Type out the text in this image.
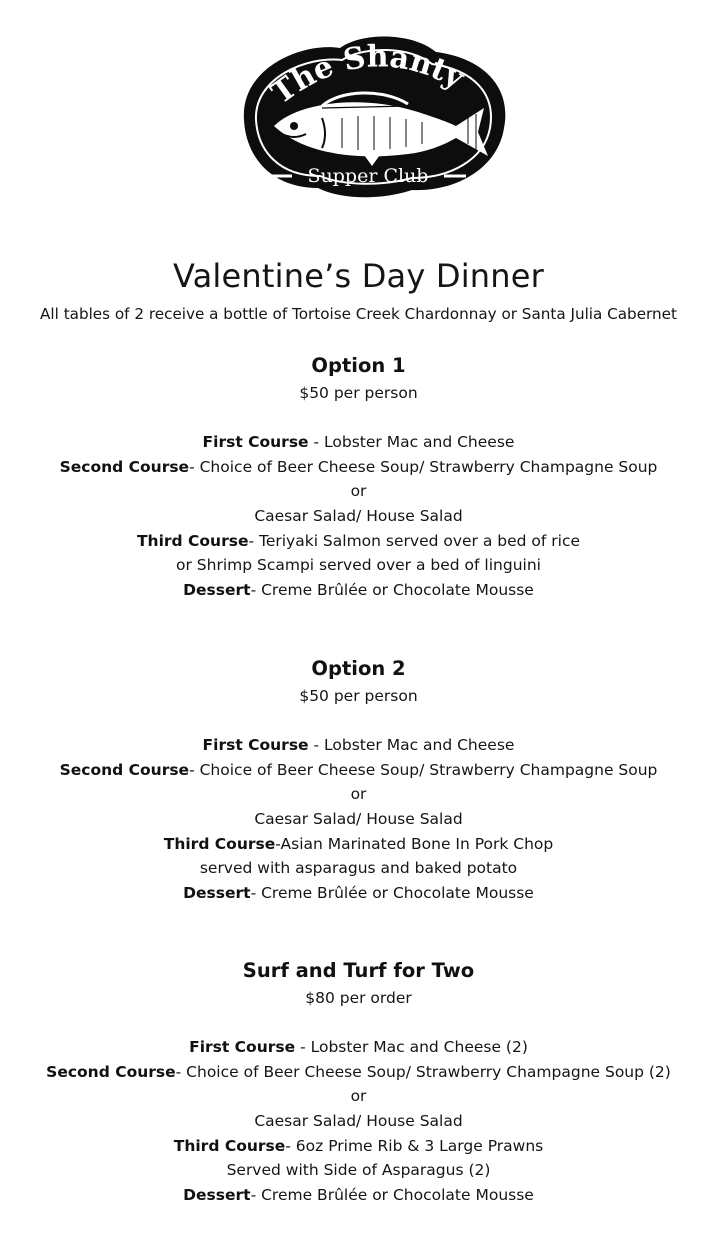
The Shanty
Supper Club
Valentine’s Day Dinner
All tables of 2 receive a bottle of Tortoise Creek Chardonnay or Santa Julia Cabernet
Option 1
$50 per person
First Course - Lobster Mac and Cheese
Second Course- Choice of Beer Cheese Soup/ Strawberry Champagne Soup
or
Caesar Salad/ House Salad
Third Course- Teriyaki Salmon served over a bed of rice
or Shrimp Scampi served over a bed of linguini
Dessert- Creme Brûlée or Chocolate Mousse
Option 2
$50 per person
First Course - Lobster Mac and Cheese
Second Course- Choice of Beer Cheese Soup/ Strawberry Champagne Soup
or
Caesar Salad/ House Salad
Third Course-Asian Marinated Bone In Pork Chop
served with asparagus and baked potato
Dessert- Creme Brûlée or Chocolate Mousse
Surf and Turf for Two
$80 per order
First Course - Lobster Mac and Cheese (2)
Second Course- Choice of Beer Cheese Soup/ Strawberry Champagne Soup (2)
or
Caesar Salad/ House Salad
Third Course- 6oz Prime Rib & 3 Large Prawns
Served with Side of Asparagus (2)
Dessert- Creme Brûlée or Chocolate Mousse
